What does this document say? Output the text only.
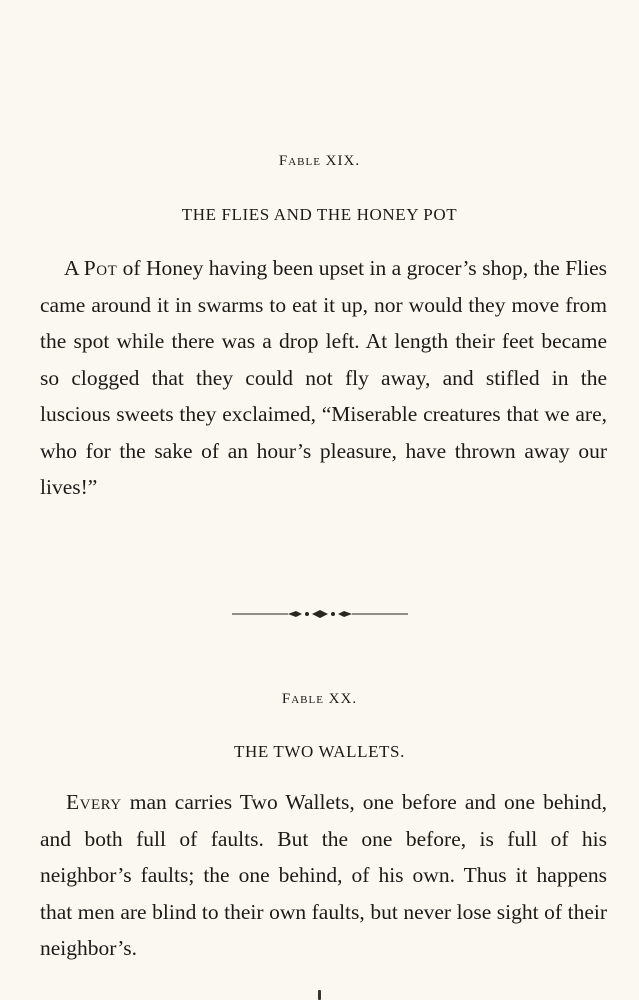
Fable XIX.
THE FLIES AND THE HONEY POT
A Pot of Honey having been upset in a grocer’s shop, the Flies came around it in swarms to eat it up, nor would they move from the spot while there was a drop left. At length their feet became so clogged that they could not fly away, and stifled in the luscious sweets they exclaimed, “Miserable creatures that we are, who for the sake of an hour’s pleasure, have thrown away our lives!”
Fable XX.
THE TWO WALLETS.
Every man carries Two Wallets, one before and one behind, and both full of faults. But the one before, is full of his neighbor’s faults; the one behind, of his own. Thus it happens that men are blind to their own faults, but never lose sight of their neighbor’s.
